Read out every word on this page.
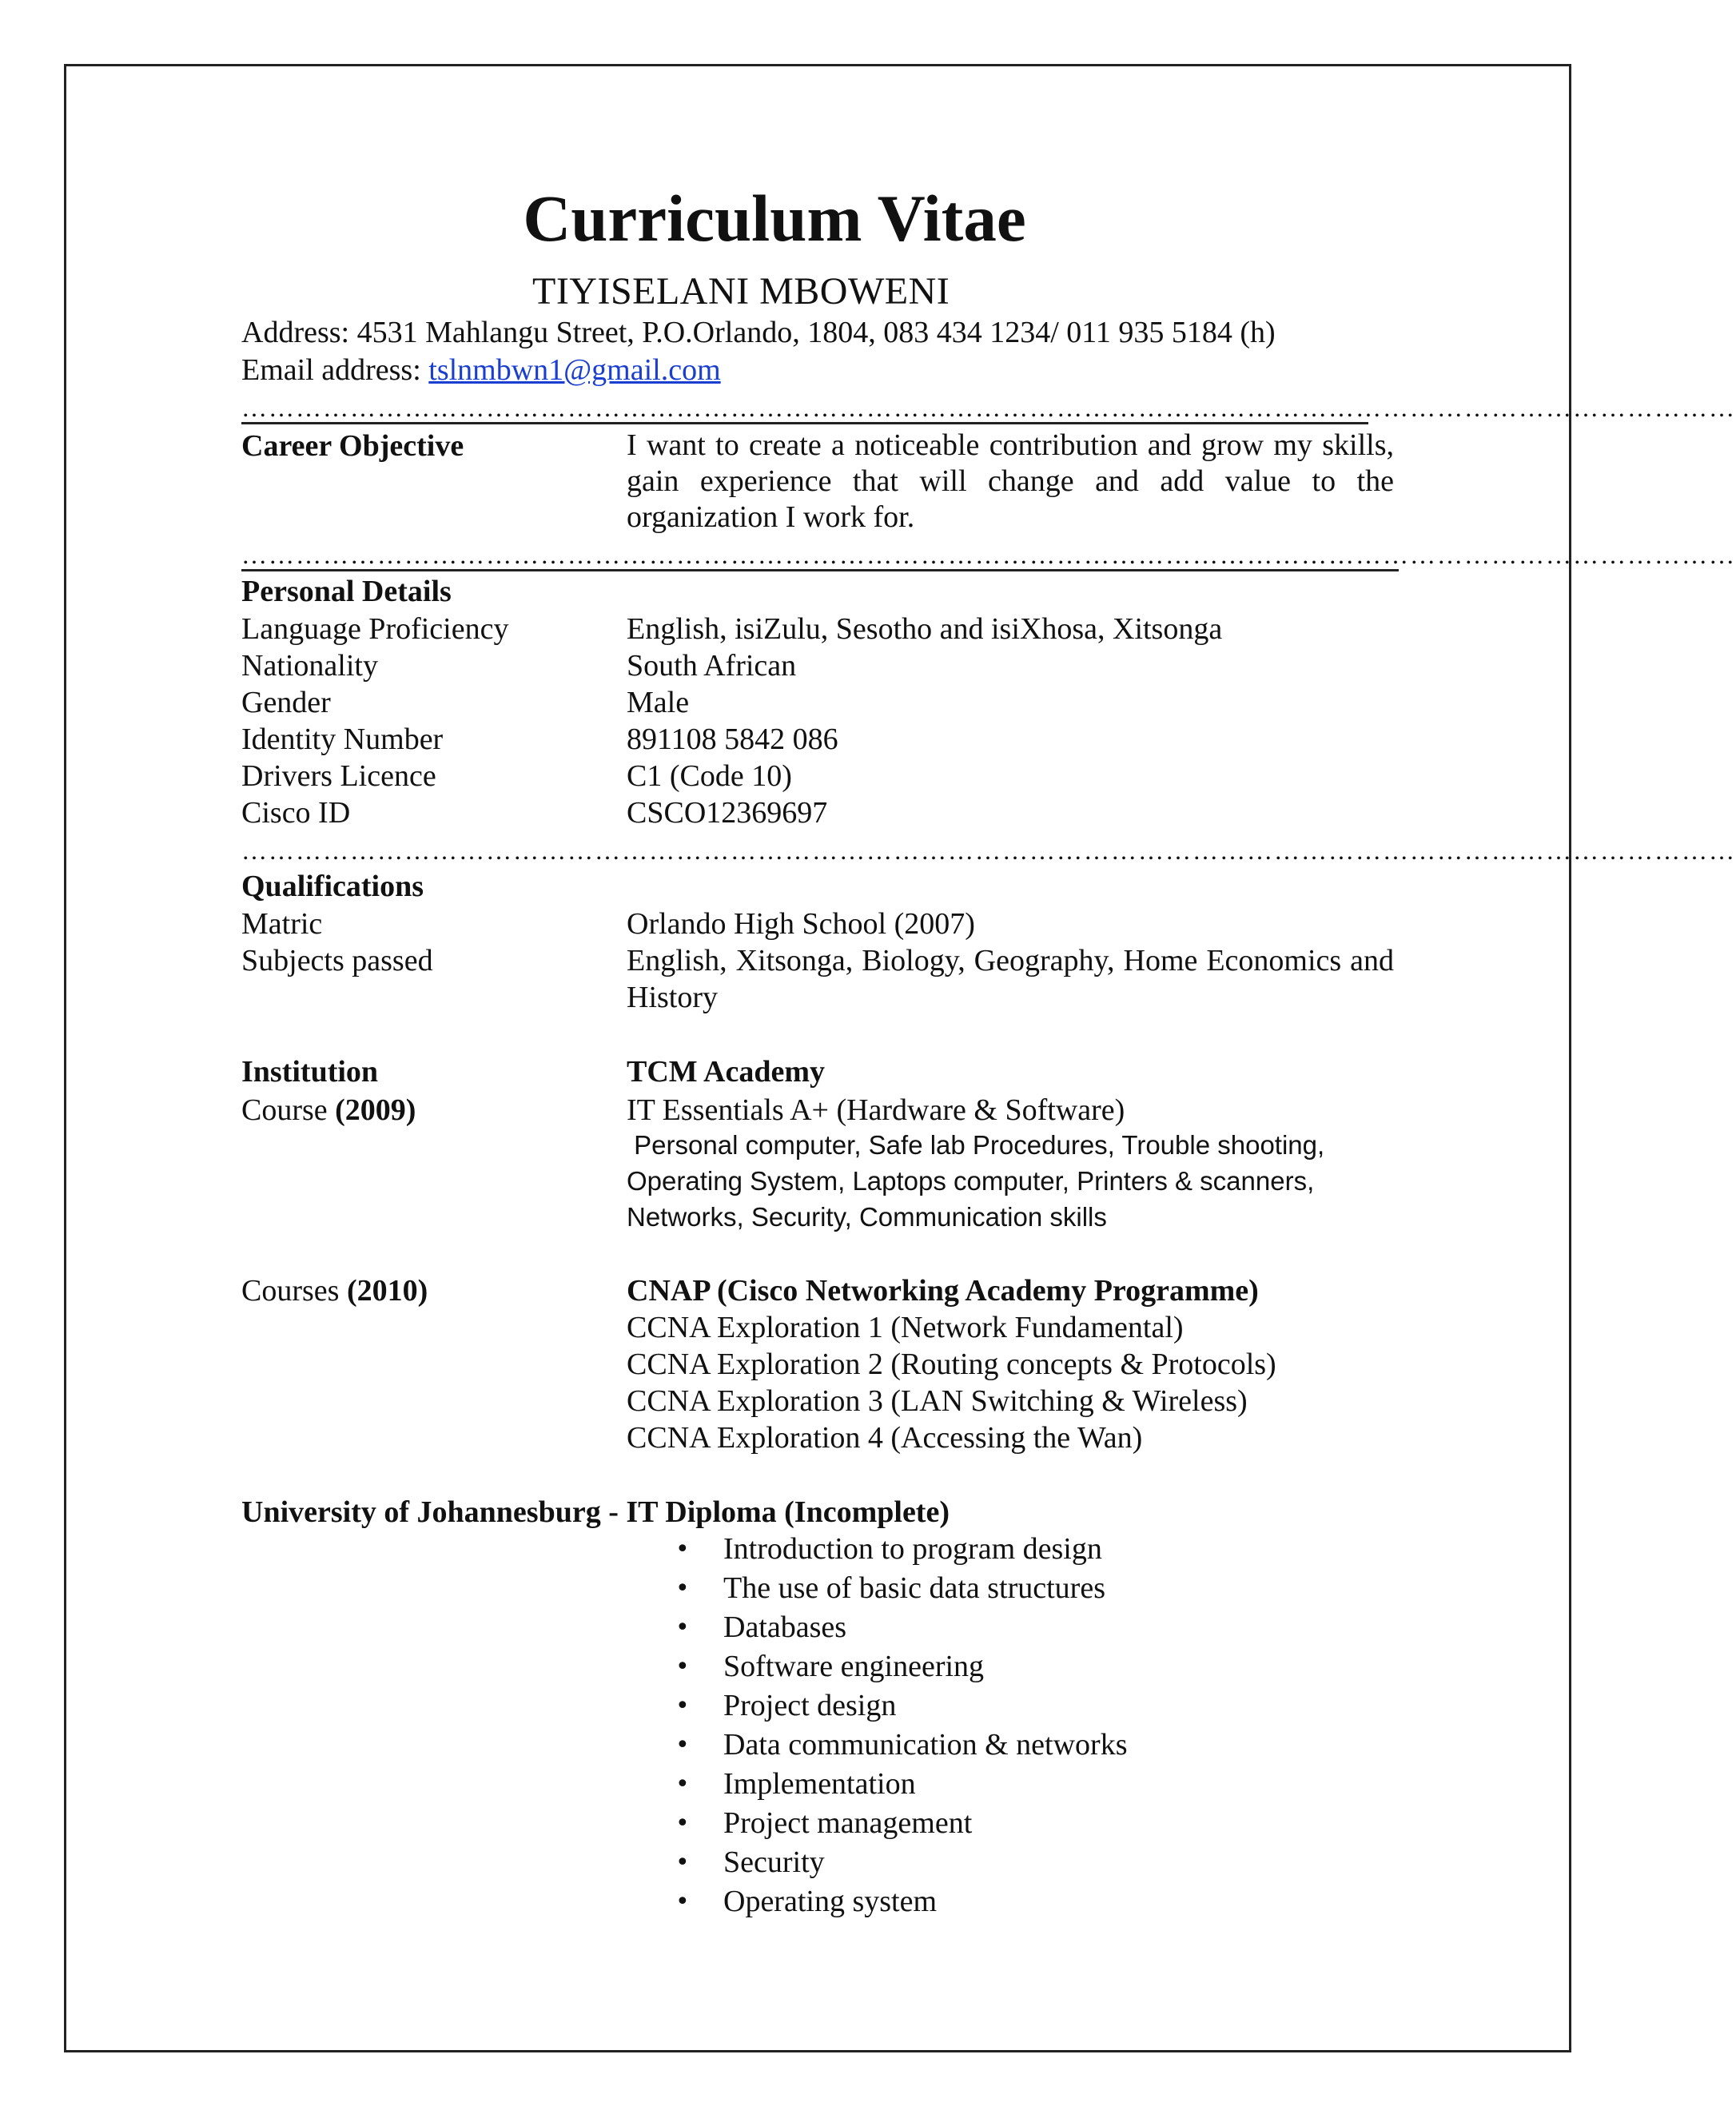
Curriculum Vitae
TIYISELANI MBOWENI
Address: 4531 Mahlangu Street, P.O.Orlando, 1804, 083 434 1234/ 011 935 5184 (h)
Email address: tslnmbwn1@gmail.com
…………………………………………………………………………………………………………………………………………………
Career Objective	I want to create a noticeable contribution and grow my skills, gain experience that will change and add value to the organization I work for.
…………………………………………………………………………………………………………………………………………………
Personal Details
Language Proficiency	English, isiZulu, Sesotho and isiXhosa, Xitsonga
Nationality	South African
Gender	Male
Identity Number	891108 5842 086
Drivers Licence	C1 (Code 10)
Cisco ID	CSCO12369697
…………………………………………………………………………………………………………………………………………………
Qualifications
Matric	Orlando High School (2007)
Subjects passed	English, Xitsonga, Biology, Geography, Home Economics and History
Institution	TCM Academy
Course (2009)	IT Essentials A+ (Hardware & Software)
Personal computer, Safe lab Procedures, Trouble shooting,
Operating System, Laptops computer, Printers & scanners,
Networks, Security, Communication skills
Courses (2010)	CNAP (Cisco Networking Academy Programme)
CCNA Exploration 1 (Network Fundamental)
CCNA Exploration 2 (Routing concepts & Protocols)
CCNA Exploration 3 (LAN Switching & Wireless)
CCNA Exploration 4 (Accessing the Wan)
University of Johannesburg - IT Diploma (Incomplete)
• Introduction to program design
• The use of basic data structures
• Databases
• Software engineering
• Project design
• Data communication & networks
• Implementation
• Project management
• Security
• Operating system
